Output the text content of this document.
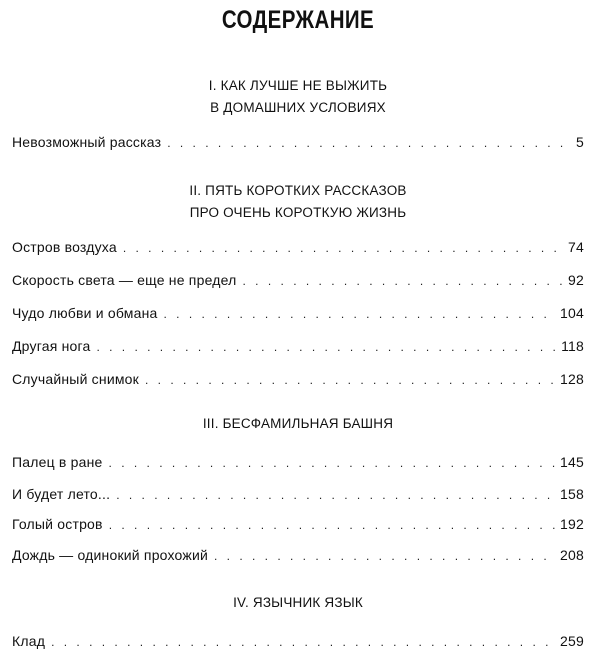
СОДЕРЖАНИЕ
I. КАК ЛУЧШЕ НЕ ВЫЖИТЬ
В ДОМАШНИХ УСЛОВИЯХ
Невозможный рассказ . . .	5
II. ПЯТЬ КОРОТКИХ РАССКАЗОВ
ПРО ОЧЕНЬ КОРОТКУЮ ЖИЗНЬ
Остров воздуха . . .	74
Скорость света — еще не предел . . .	92
Чудо любви и обмана . . .	104
Другая нога . . .	118
Случайный снимок . . .	128
III. БЕСФАМИЛЬНАЯ БАШНЯ
Палец в ране . . .	145
И будет лето... . . .	158
Голый остров . . .	192
Дождь — одинокий прохожий . . .	208
IV. ЯЗЫЧНИК ЯЗЫК
Клад . . .	259
